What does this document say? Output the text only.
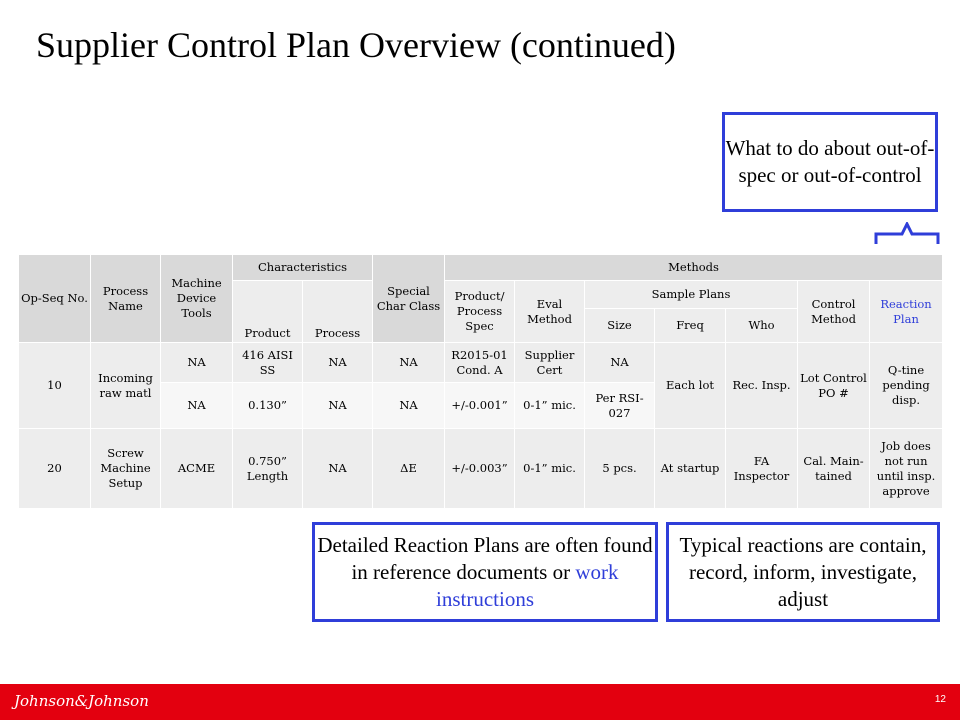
Supplier Control Plan Overview (continued)
What to do about out-of-spec or out-of-control
Op-Seq No.	Process Name	Machine Device Tools	Characteristics		Special Char Class	Methods						
			Product	Process		Product/ Process Spec	Eval Method	Sample Plans			Control Method	Reaction Plan
								Size	Freq	Who		
10	Incoming raw matl	NA	416 AISI SS	NA	NA	R2015-01 Cond. A	Supplier Cert	NA	Each lot	Rec. Insp.	Lot Control PO #	Q-tine pending disp.
		NA	0.130”	NA	NA	+/-0.001”	0-1” mic.	Per RSI-027				
20	Screw Machine Setup	ACME	0.750” Length	NA	ΔE	+/-0.003”	0-1” mic.	5 pcs.	At startup	FA Inspector	Cal. Main-tained	Job does not run until insp. approve
Detailed Reaction Plans are often found in reference documents or work instructions
Typical reactions are contain, record, inform, investigate, adjust
Johnson&Johnson	12
